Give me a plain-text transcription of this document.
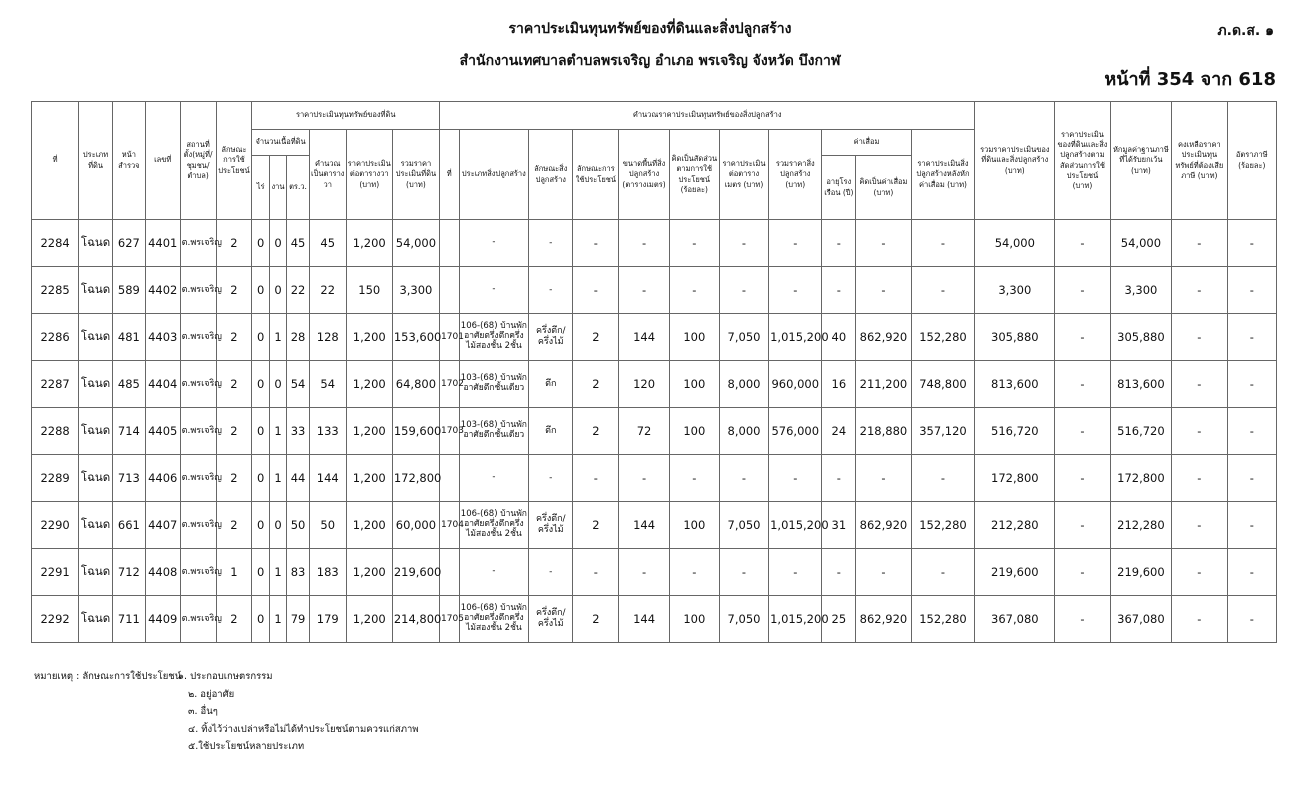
ราคาประเมินทุนทรัพย์ของที่ดินและสิ่งปลูกสร้าง
สำนักงานเทศบาลตำบลพรเจริญ อำเภอ พรเจริญ จังหวัด บึงกาฬ
ภ.ด.ส. ๑
หน้าที่ 354 จาก 618
ที่	ประเภทที่ดิน	หน้าสำรวจ	เลขที่	สถานที่ตั้ง(หมู่ที่/ชุมชน/ตำบล)	ลักษณะการใช้ประโยชน์	ราคาประเมินทุนทรัพย์ของที่ดิน						คำนวณราคาประเมินทุนทรัพย์ของสิ่งปลูกสร้าง											รวมราคาประเมินของที่ดินและสิ่งปลูกสร้าง (บาท)	ราคาประเมินของที่ดินและสิ่งปลูกสร้างตามสัดส่วนการใช้ประโยชน์ (บาท)	หักมูลค่าฐานภาษีที่ได้รับยกเว้น (บาท)	คงเหลือราคาประเมินทุนทรัพย์ที่ต้องเสียภาษี (บาท)	อัตราภาษี (ร้อยละ)
						จำนวนเนื้อที่ดิน			คำนวณเป็นตารางวา	ราคาประเมินต่อตารางวา (บาท)	รวมราคาประเมินที่ดิน (บาท)	ที่	ประเภทสิ่งปลูกสร้าง	ลักษณะสิ่งปลูกสร้าง	ลักษณะการใช้ประโยชน์	ขนาดพื้นที่สิ่งปลูกสร้าง (ตารางเมตร)	คิดเป็นสัดส่วนตามการใช้ประโยชน์ (ร้อยละ)	ราคาประเมินต่อตารางเมตร (บาท)	รวมราคาสิ่งปลูกสร้าง (บาท)	ค่าเสื่อม		ราคาประเมินสิ่งปลูกสร้างหลังหักค่าเสื่อม (บาท)					
						ไร่	งาน	ตร.ว.												อายุโรงเรือน (ปี)	คิดเป็นค่าเสื่อม (บาท)						
2284	โฉนด	627	4401	ต.พรเจริญ	2	0	0	45	45	1,200	54,000		-	-	-	-	-	-	-	-	-	-	54,000	-	54,000	-	-
2285	โฉนด	589	4402	ต.พรเจริญ	2	0	0	22	22	150	3,300		-	-	-	-	-	-	-	-	-	-	3,300	-	3,300	-	-
2286	โฉนด	481	4403	ต.พรเจริญ	2	0	1	28	128	1,200	153,600	1701	106-(68) บ้านพักอาศัยตรึ่งตึกครึ่งไม้สองชั้น 2ชั้น	ครึ่งตึก/ครึ่งไม้	2	144	100	7,050	1,015,200	40	862,920	152,280	305,880	-	305,880	-	-
2287	โฉนด	485	4404	ต.พรเจริญ	2	0	0	54	54	1,200	64,800	1702	103-(68) บ้านพักอาศัยตึกชั้นเดียว	ตึก	2	120	100	8,000	960,000	16	211,200	748,800	813,600	-	813,600	-	-
2288	โฉนด	714	4405	ต.พรเจริญ	2	0	1	33	133	1,200	159,600	1703	103-(68) บ้านพักอาศัยตึกชั้นเดียว	ตึก	2	72	100	8,000	576,000	24	218,880	357,120	516,720	-	516,720	-	-
2289	โฉนด	713	4406	ต.พรเจริญ	2	0	1	44	144	1,200	172,800		-	-	-	-	-	-	-	-	-	-	172,800	-	172,800	-	-
2290	โฉนด	661	4407	ต.พรเจริญ	2	0	0	50	50	1,200	60,000	1704	106-(68) บ้านพักอาศัยตรึ่งตึกครึ่งไม้สองชั้น 2ชั้น	ครึ่งตึก/ครึ่งไม้	2	144	100	7,050	1,015,200	31	862,920	152,280	212,280	-	212,280	-	-
2291	โฉนด	712	4408	ต.พรเจริญ	1	0	1	83	183	1,200	219,600		-	-	-	-	-	-	-	-	-	-	219,600	-	219,600	-	-
2292	โฉนด	711	4409	ต.พรเจริญ	2	0	1	79	179	1,200	214,800	1705	106-(68) บ้านพักอาศัยตรึ่งตึกครึ่งไม้สองชั้น 2ชั้น	ครึ่งตึก/ครึ่งไม้	2	144	100	7,050	1,015,200	25	862,920	152,280	367,080	-	367,080	-	-
หมายเหตุ : ลักษณะการใช้ประโยชน์
๑. ประกอบเกษตรกรรม
๒. อยู่อาศัย
๓. อื่นๆ
๔. ทิ้งไว้ว่างเปล่าหรือไม่ได้ทำประโยชน์ตามควรแก่สภาพ
๕.ใช้ประโยชน์หลายประเภท
